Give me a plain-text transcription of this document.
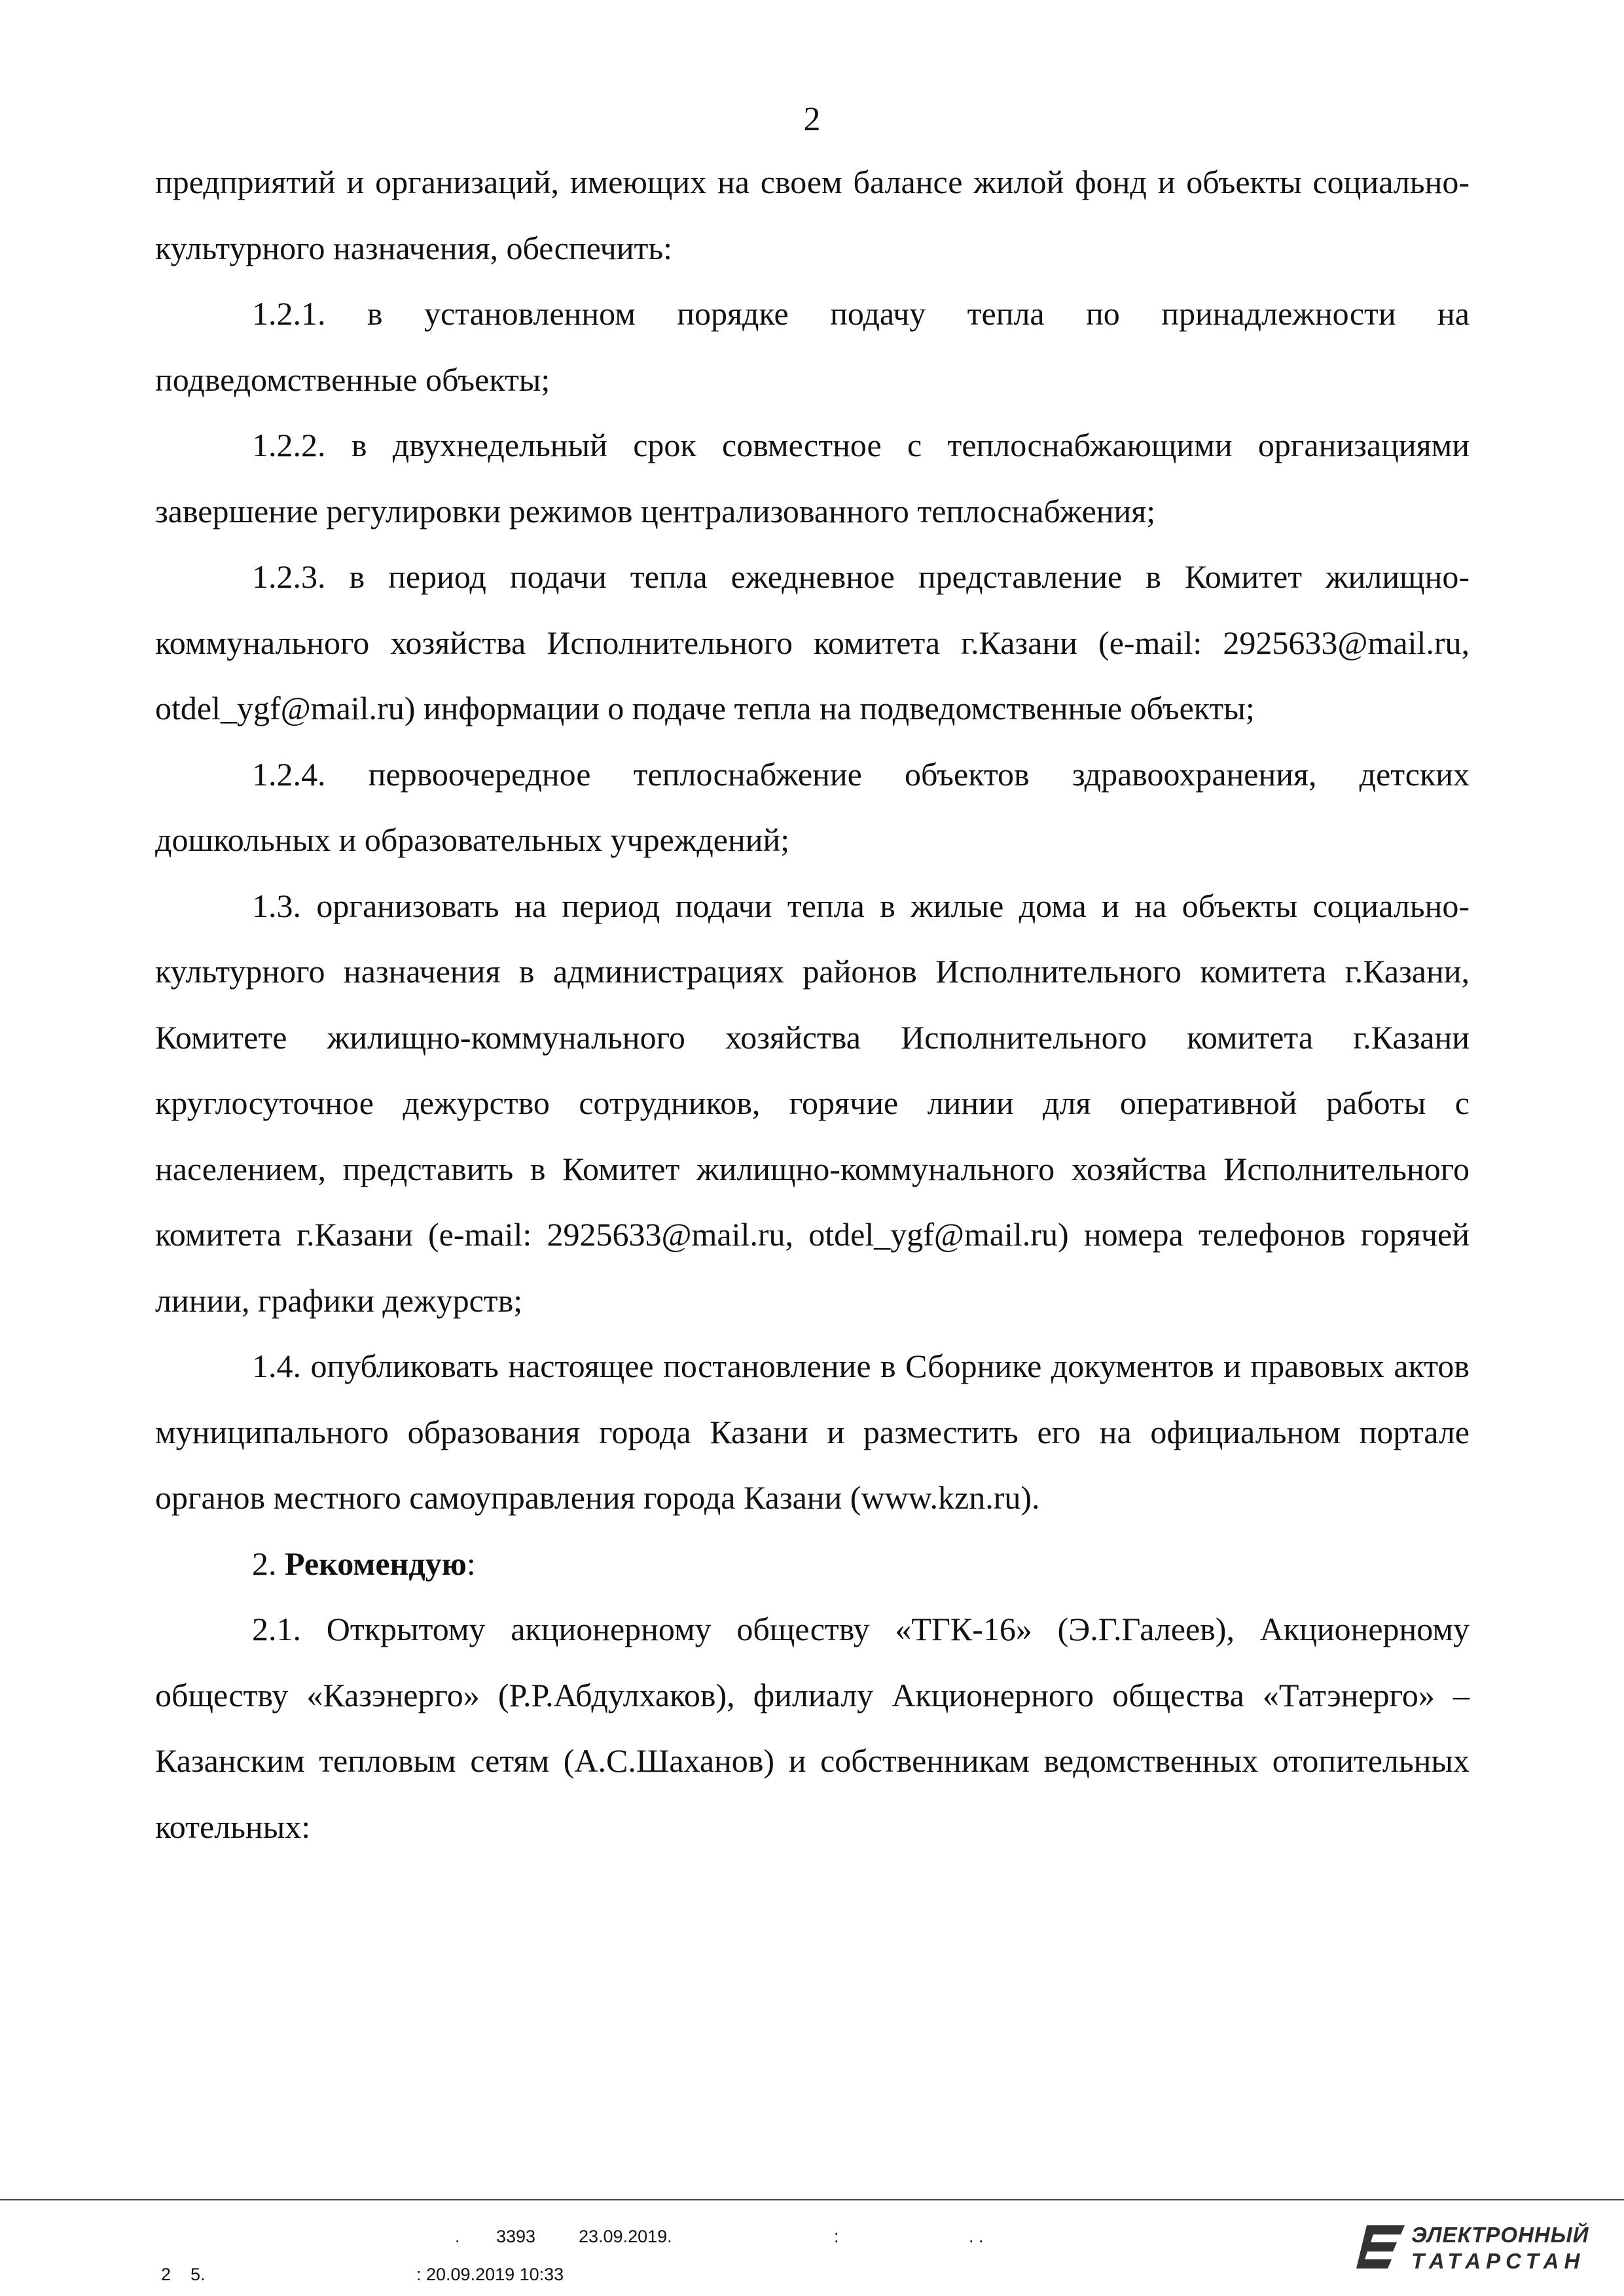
2

предприятий и организаций, имеющих на своем балансе жилой фонд и объекты социально-культурного назначения, обеспечить:

1.2.1. в установленном порядке подачу тепла по принадлежности на подведомственные объекты;

1.2.2. в двухнедельный срок совместное с теплоснабжающими организациями завершение регулировки режимов централизованного теплоснабжения;

1.2.3. в период подачи тепла ежедневное представление в Комитет жилищно-коммунального хозяйства Исполнительного комитета г.Казани (e-mail: 2925633@mail.ru, otdel_ygf@mail.ru) информации о подаче тепла на подведомственные объекты;

1.2.4. первоочередное теплоснабжение объектов здравоохранения, детских дошкольных и образовательных учреждений;

1.3. организовать на период подачи тепла в жилые дома и на объекты социально-культурного назначения в администрациях районов Исполнительного комитета г.Казани, Комитете жилищно-коммунального хозяйства Исполнительного комитета г.Казани круглосуточное дежурство сотрудников, горячие линии для оперативной работы с населением, представить в Комитет жилищно-коммунального хозяйства Исполнительного комитета г.Казани (e-mail: 2925633@mail.ru, otdel_ygf@mail.ru) номера телефонов горячей линии, графики дежурств;

1.4. опубликовать настоящее постановление в Сборнике документов и правовых актов муниципального образования города Казани и разместить его на официальном портале органов местного самоуправления города Казани (www.kzn.ru).

2. Рекомендую:

2.1. Открытому акционерному обществу «ТГК-16» (Э.Г.Галеев), Акционерному обществу «Казэнерго» (Р.Р.Абдулхаков), филиалу Акционерного общества «Татэнерго» – Казанским тепловым сетям (А.С.Шаханов) и собственникам ведомственных отопительных котельных:

. 3393 23.09.2019.	:	. .
2    5.	: 20.09.2019 10:33
ЭЛЕКТРОННЫЙ
ТАТАРСТАН
